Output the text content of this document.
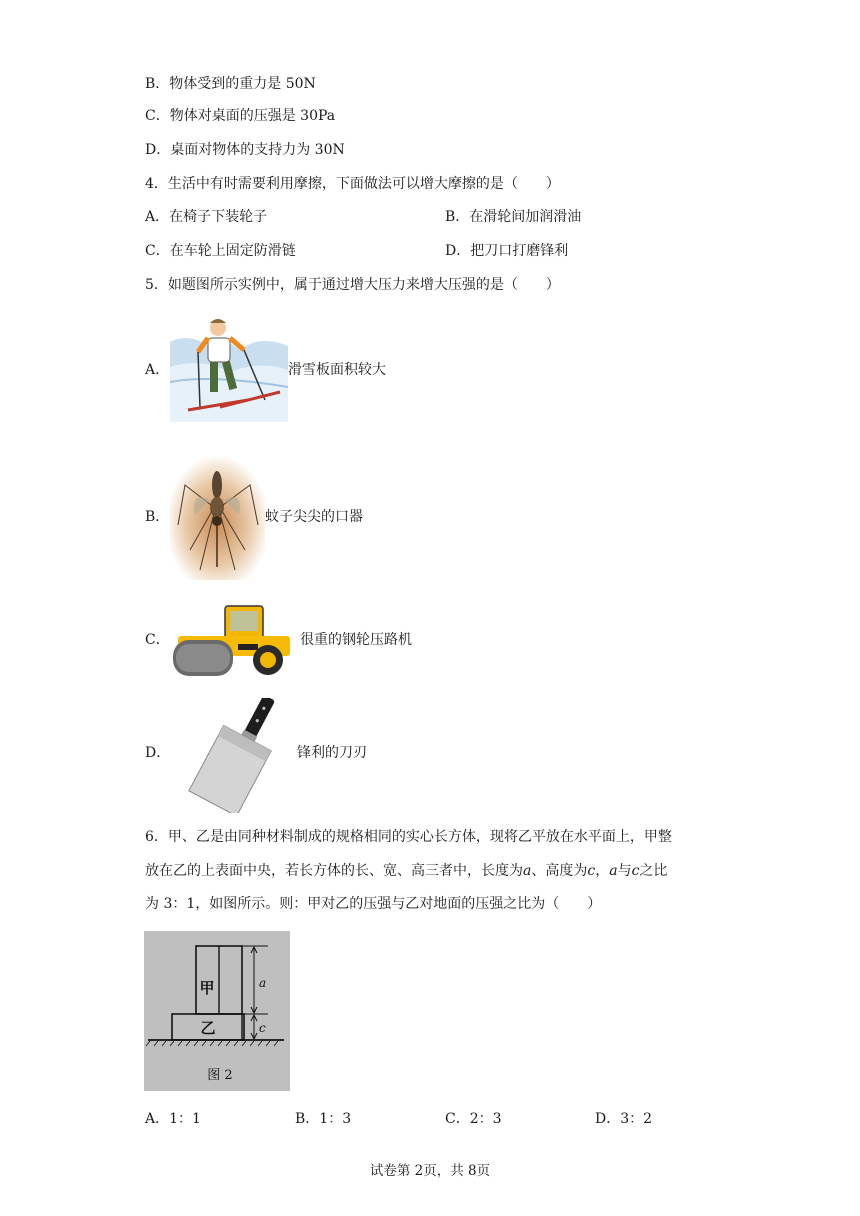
B．物体受到的重力是 50N
C．物体对桌面的压强是 30Pa
D．桌面对物体的支持力为 30N
4．生活中有时需要利用摩擦，下面做法可以增大摩擦的是（　　）
A．在椅子下装轮子	B．在滑轮间加润滑油
C．在车轮上固定防滑链	D．把刀口打磨锋利
5．如题图所示实例中，属于通过增大压力来增大压强的是（　　）
A．	滑雪板面积较大
B．	蚊子尖尖的口器
C．	很重的钢轮压路机
D．	锋利的刀刃
6．甲、乙是由同种材料制成的规格相同的实心长方体，现将乙平放在水平面上，甲整
放在乙的上表面中央，若长方体的长、宽、高三者中，长度为a、高度为c，a与c之比
为 3：1，如图所示。则：甲对乙的压强与乙对地面的压强之比为（　　）
甲
乙
a
c
图 2
A．1：1	B．1：3	C．2：3	D．3：2
试卷第 2页，共 8页
